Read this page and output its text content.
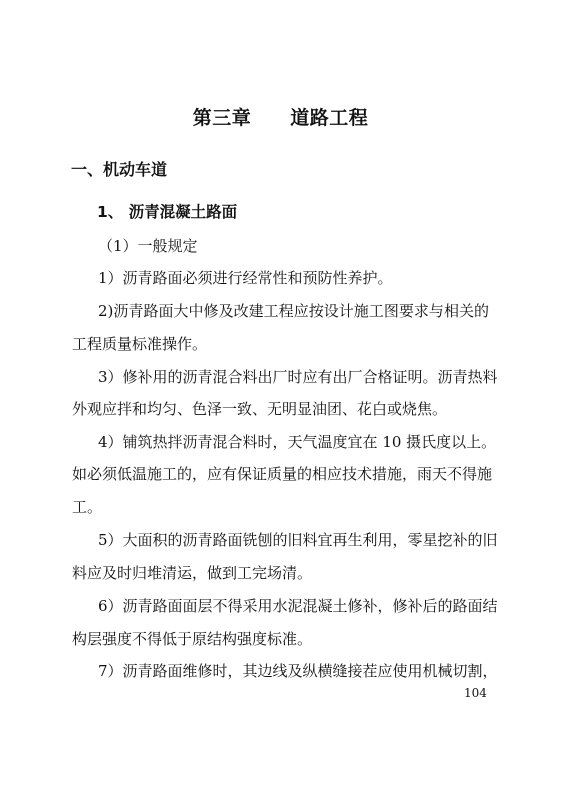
第三章　　道路工程
一、机动车道
1、 沥青混凝土路面
（1）一般规定
1）沥青路面必须进行经常性和预防性养护。
2)沥青路面大中修及改建工程应按设计施工图要求与相关的
工程质量标准操作。
3）修补用的沥青混合料出厂时应有出厂合格证明。沥青热料
外观应拌和均匀、色泽一致、无明显油团、花白或烧焦。
4）铺筑热拌沥青混合料时，天气温度宜在 10 摄氏度以上。
如必须低温施工的，应有保证质量的相应技术措施，雨天不得施
工。
5）大面积的沥青路面铣刨的旧料宜再生利用，零星挖补的旧
料应及时归堆清运，做到工完场清。
6）沥青路面面层不得采用水泥混凝土修补，修补后的路面结
构层强度不得低于原结构强度标准。
7）沥青路面维修时，其边线及纵横缝接茬应使用机械切割，
104
